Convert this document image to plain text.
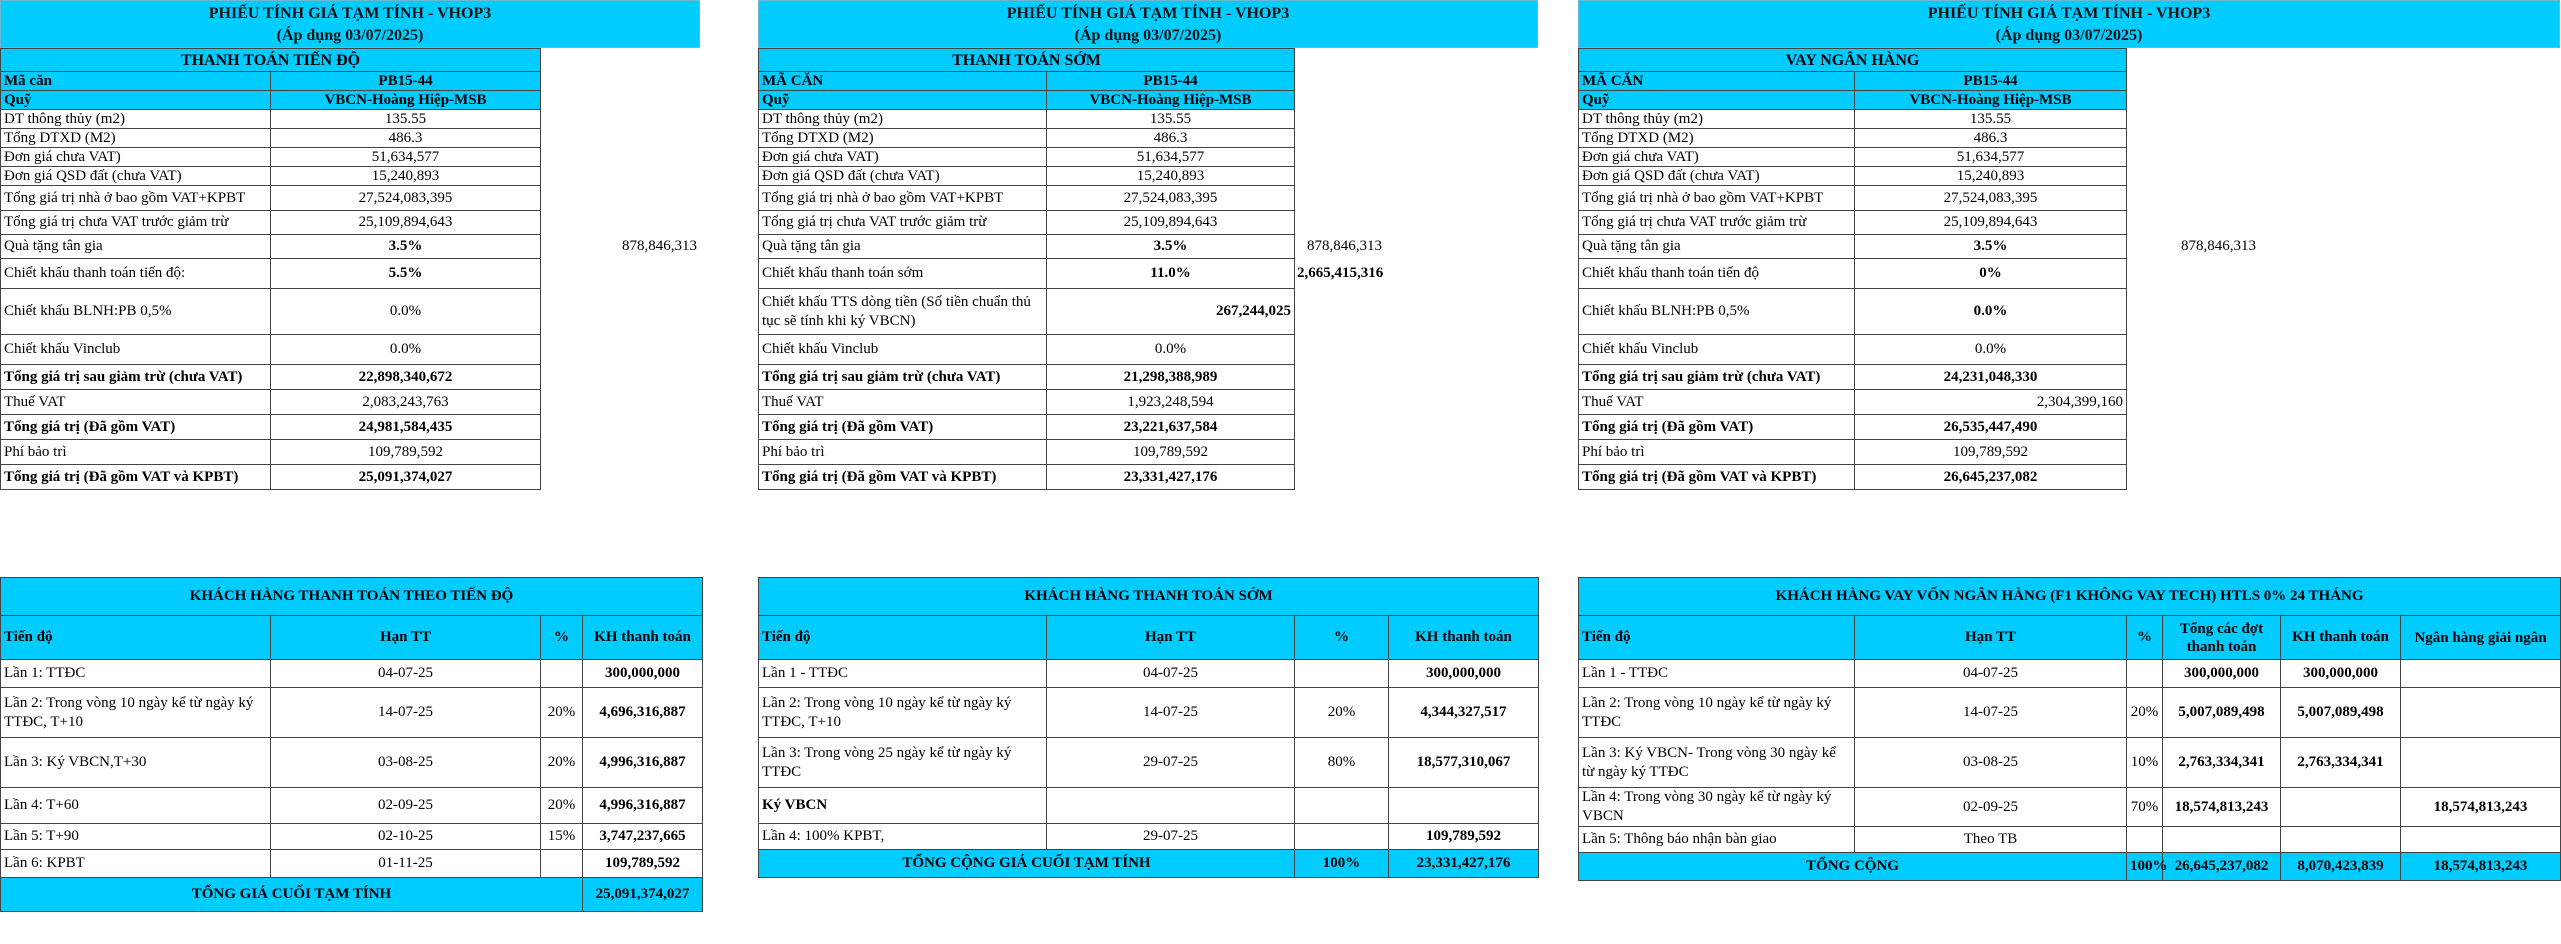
PHIẾU TÍNH GIÁ TẠM TÍNH - VHOP3
(Áp dụng 03/07/2025)
THANH TOÁN TIẾN ĐỘ		
Mã căn	PB15-44	
Quỹ	VBCN-Hoàng Hiệp-MSB	
DT thông thủy (m2)	135.55	
Tổng DTXD (M2)	486.3	
Đơn giá chưa VAT)	51,634,577	
Đơn giá QSD đất (chưa VAT)	15,240,893	
Tổng giá trị nhà ở bao gồm VAT+KPBT	27,524,083,395	
Tổng giá trị chưa VAT trước giảm trừ	25,109,894,643	
Quà tặng tân gia	3.5%	878,846,313
Chiết khấu thanh toán tiến độ:	5.5%	
Chiết khấu BLNH:PB 0,5%	0.0%	
Chiết khấu Vinclub	0.0%	
Tổng giá trị sau giảm trừ (chưa VAT)	22,898,340,672	
Thuế VAT	2,083,243,763	
Tổng giá trị (Đã gồm VAT)	24,981,584,435	
Phí bảo trì	109,789,592	
Tổng giá trị (Đã gồm VAT và KPBT)	25,091,374,027	
KHÁCH HÀNG THANH TOÁN THEO TIẾN ĐỘ			
Tiến độ	Hạn TT	%	KH thanh toán
Lần 1: TTĐC	04-07-25		300,000,000
Lần 2: Trong vòng 10 ngày kể từ ngày ký TTĐC, T+10	14-07-25	20%	4,696,316,887
Lần 3: Ký VBCN,T+30	03-08-25	20%	4,996,316,887
Lần 4: T+60	02-09-25	20%	4,996,316,887
Lần 5: T+90	02-10-25	15%	3,747,237,665
Lần 6: KPBT	01-11-25		109,789,592
TỔNG GIÁ CUỐI TẠM TÍNH			25,091,374,027
PHIẾU TÍNH GIÁ TẠM TÍNH - VHOP3
(Áp dụng 03/07/2025)
THANH TOÁN SỚM		
MÃ CĂN	PB15-44	
Quỹ	VBCN-Hoàng Hiệp-MSB	
DT thông thủy (m2)	135.55	
Tổng DTXD (M2)	486.3	
Đơn giá chưa VAT)	51,634,577	
Đơn giá QSD đất (chưa VAT)	15,240,893	
Tổng giá trị nhà ở bao gồm VAT+KPBT	27,524,083,395	
Tổng giá trị chưa VAT trước giảm trừ	25,109,894,643	
Quà tặng tân gia	3.5%	878,846,313
Chiết khấu thanh toán sớm	11.0%	2,665,415,316
Chiết khấu TTS dòng tiền (Số tiền chuẩn thủ tục sẽ tính khi ký VBCN)	267,244,025	
Chiết khấu Vinclub	0.0%	
Tổng giá trị sau giảm trừ (chưa VAT)	21,298,388,989	
Thuế VAT	1,923,248,594	
Tổng giá trị (Đã gồm VAT)	23,221,637,584	
Phí bảo trì	109,789,592	
Tổng giá trị (Đã gồm VAT và KPBT)	23,331,427,176	
KHÁCH HÀNG THANH TOÁN SỚM			
Tiến độ	Hạn TT	%	KH thanh toán
Lần 1 - TTĐC	04-07-25		300,000,000
Lần 2: Trong vòng 10 ngày kể từ ngày ký TTĐC, T+10	14-07-25	20%	4,344,327,517
Lần 3: Trong vòng 25 ngày kể từ ngày ký TTĐC	29-07-25	80%	18,577,310,067
Ký VBCN			
Lần 4: 100% KPBT,	29-07-25		109,789,592
TỔNG CỘNG GIÁ CUỐI TẠM TÍNH		100%	23,331,427,176
PHIẾU TÍNH GIÁ TẠM TÍNH - VHOP3
(Áp dụng 03/07/2025)
VAY NGÂN HÀNG		
MÃ CĂN	PB15-44	
Quỹ	VBCN-Hoàng Hiệp-MSB	
DT thông thủy (m2)	135.55	
Tổng DTXD (M2)	486.3	
Đơn giá chưa VAT)	51,634,577	
Đơn giá QSD đất (chưa VAT)	15,240,893	
Tổng giá trị nhà ở bao gồm VAT+KPBT	27,524,083,395	
Tổng giá trị chưa VAT trước giảm trừ	25,109,894,643	
Quà tặng tân gia	3.5%	878,846,313
Chiết khấu thanh toán tiến độ	0%	
Chiết khấu BLNH:PB 0,5%	0.0%	
Chiết khấu Vinclub	0.0%	
Tổng giá trị sau giảm trừ (chưa VAT)	24,231,048,330	
Thuế VAT	2,304,399,160	
Tổng giá trị (Đã gồm VAT)	26,535,447,490	
Phí bảo trì	109,789,592	
Tổng giá trị (Đã gồm VAT và KPBT)	26,645,237,082	
KHÁCH HÀNG VAY VỐN NGÂN HÀNG (F1 KHÔNG VAY TECH) HTLS 0% 24 THÁNG					
Tiến độ	Hạn TT	%	Tổng các đợt thanh toán	KH thanh toán	Ngân hàng giải ngân
Lần 1 - TTĐC	04-07-25		300,000,000	300,000,000	
Lần 2: Trong vòng 10 ngày kể từ ngày ký TTĐC	14-07-25	20%	5,007,089,498	5,007,089,498	
Lần 3: Ký VBCN- Trong vòng 30 ngày kể từ ngày ký TTĐC	03-08-25	10%	2,763,334,341	2,763,334,341	
Lần 4: Trong vòng 30 ngày kể từ ngày ký VBCN	02-09-25	70%	18,574,813,243		18,574,813,243
Lần 5: Thông báo nhận bàn giao	Theo TB				
TỔNG CỘNG		100%	26,645,237,082	8,070,423,839	18,574,813,243
